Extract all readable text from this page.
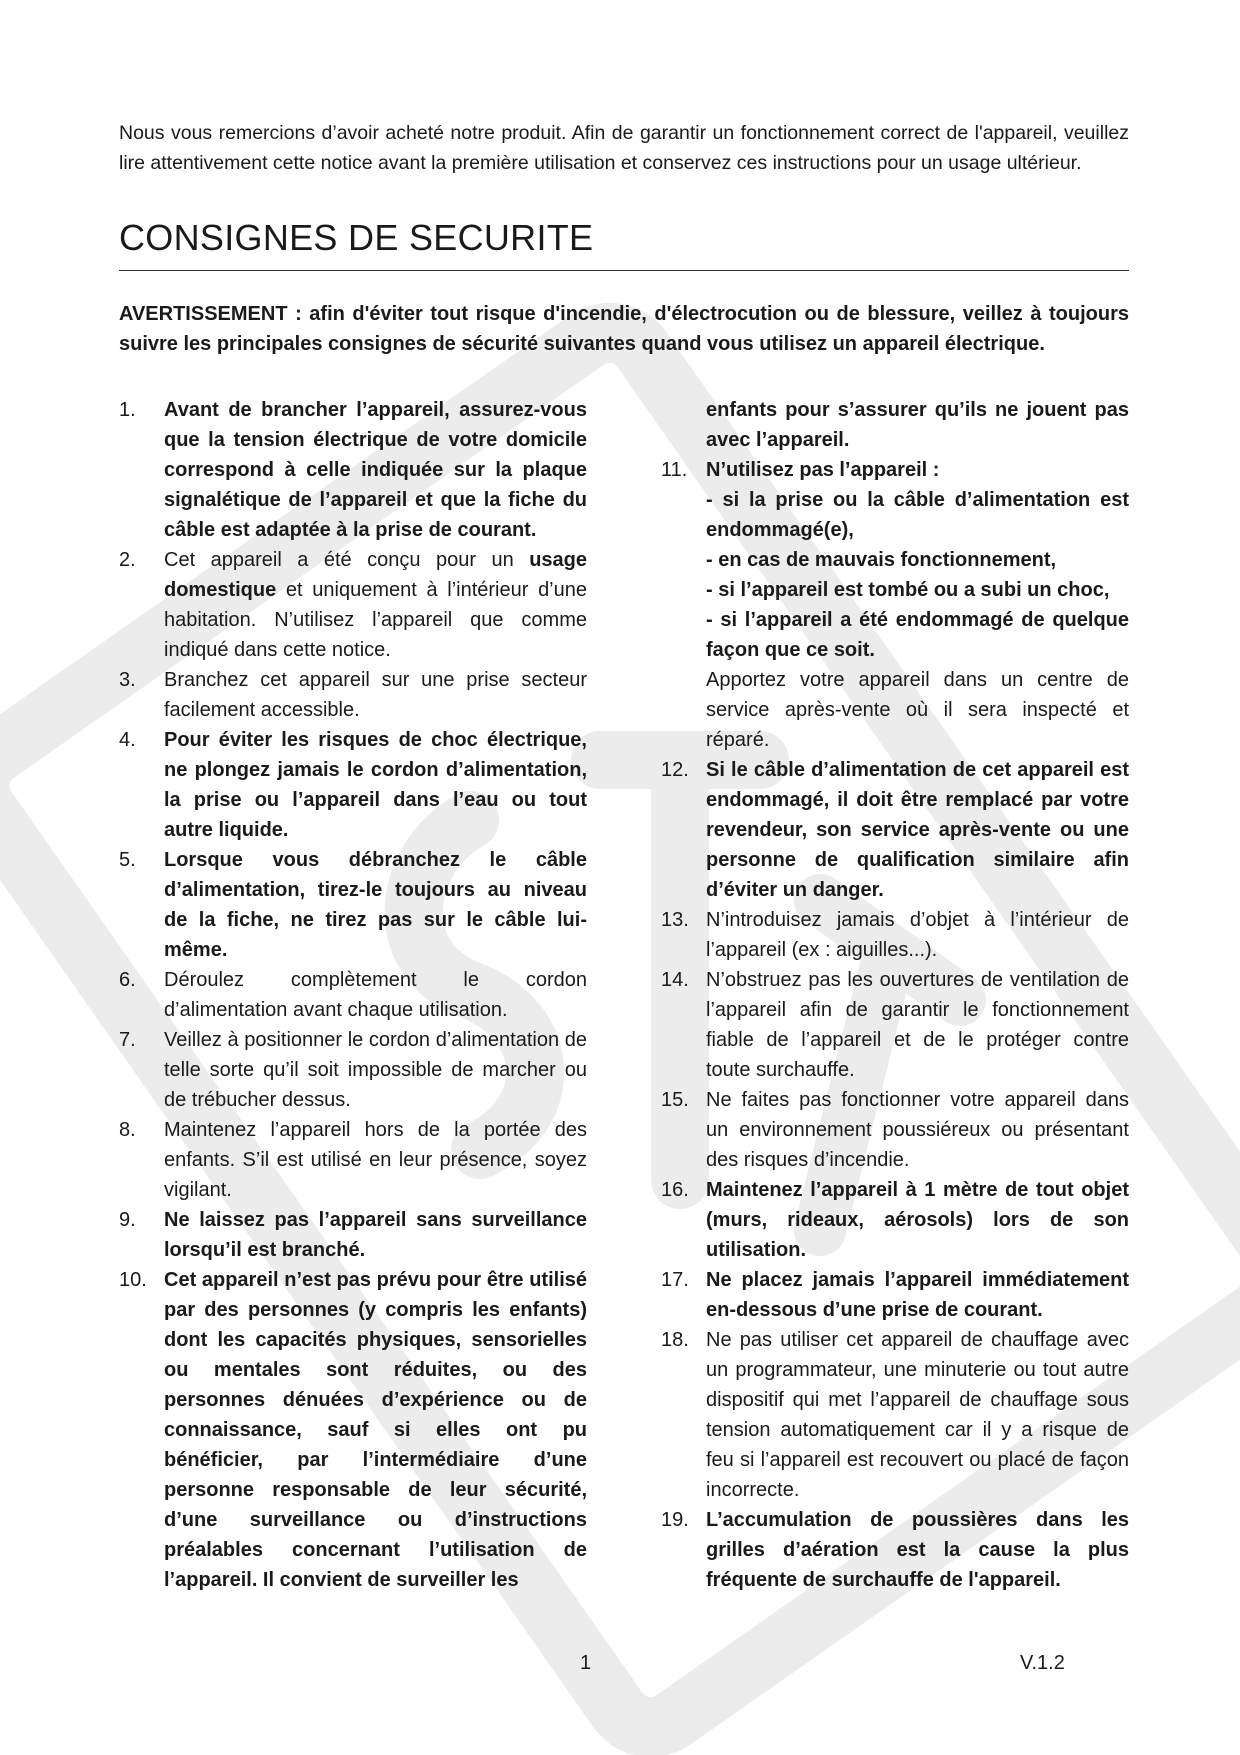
Nous vous remercions d’avoir acheté notre produit. Afin de garantir un fonctionnement correct de l'appareil, veuillez lire attentivement cette notice avant la première utilisation et conservez ces instructions pour un usage ultérieur.

CONSIGNES DE SECURITE

AVERTISSEMENT : afin d'éviter tout risque d'incendie, d'électrocution ou de blessure, veillez à toujours suivre les principales consignes de sécurité suivantes quand vous utilisez un appareil électrique.

1.	Avant de brancher l’appareil, assurez-vous que la tension électrique de votre domicile correspond à celle indiquée sur la plaque signalétique de l’appareil et que la fiche du câble est adaptée à la prise de courant.
2.	Cet appareil a été conçu pour un usage domestique et uniquement à l’intérieur d’une habitation. N’utilisez l’appareil que comme indiqué dans cette notice.
3.	Branchez cet appareil sur une prise secteur facilement accessible.
4.	Pour éviter les risques de choc électrique, ne plongez jamais le cordon d’alimentation, la prise ou l’appareil dans l’eau ou tout autre liquide.
5.	Lorsque vous débranchez le câble d’alimentation, tirez-le toujours au niveau de la fiche, ne tirez pas sur le câble lui-même.
6.	Déroulez complètement le cordon d’alimentation avant chaque utilisation.
7.	Veillez à positionner le cordon d’alimentation de telle sorte qu’il soit impossible de marcher ou de trébucher dessus.
8.	Maintenez l’appareil hors de la portée des enfants. S’il est utilisé en leur présence, soyez vigilant.
9.	Ne laissez pas l’appareil sans surveillance lorsqu’il est branché.
10. Cet appareil n’est pas prévu pour être utilisé par des personnes (y compris les enfants) dont les capacités physiques, sensorielles ou mentales sont réduites, ou des personnes dénuées d’expérience ou de connaissance, sauf si elles ont pu bénéficier, par l’intermédiaire d’une personne responsable de leur sécurité, d’une surveillance ou d’instructions préalables concernant l’utilisation de l’appareil. Il convient de surveiller les
enfants pour s’assurer qu’ils ne jouent pas avec l’appareil.
11. N’utilisez pas l’appareil :
- si la prise ou la câble d’alimentation est endommagé(e),
- en cas de mauvais fonctionnement,
- si l’appareil est tombé ou a subi un choc,
- si l’appareil a été endommagé de quelque façon que ce soit.
Apportez votre appareil dans un centre de service après-vente où il sera inspecté et réparé.
12. Si le câble d’alimentation de cet appareil est endommagé, il doit être remplacé par votre revendeur, son service après-vente ou une personne de qualification similaire afin d’éviter un danger.
13. N’introduisez jamais d’objet à l’intérieur de l’appareil (ex : aiguilles...).
14. N’obstruez pas les ouvertures de ventilation de l’appareil afin de garantir le fonctionnement fiable de l’appareil et de le protéger contre toute surchauffe.
15. Ne faites pas fonctionner votre appareil dans un environnement poussiéreux ou présentant des risques d’incendie.
16. Maintenez l’appareil à 1 mètre de tout objet (murs, rideaux, aérosols) lors de son utilisation.
17. Ne placez jamais l’appareil immédiatement en-dessous d’une prise de courant.
18. Ne pas utiliser cet appareil de chauffage avec un programmateur, une minuterie ou tout autre dispositif qui met l’appareil de chauffage sous tension automatiquement car il y a risque de feu si l’appareil est recouvert ou placé de façon incorrecte.
19. L’accumulation de poussières dans les grilles d’aération est la cause la plus fréquente de surchauffe de l'appareil.
1	V.1.2
